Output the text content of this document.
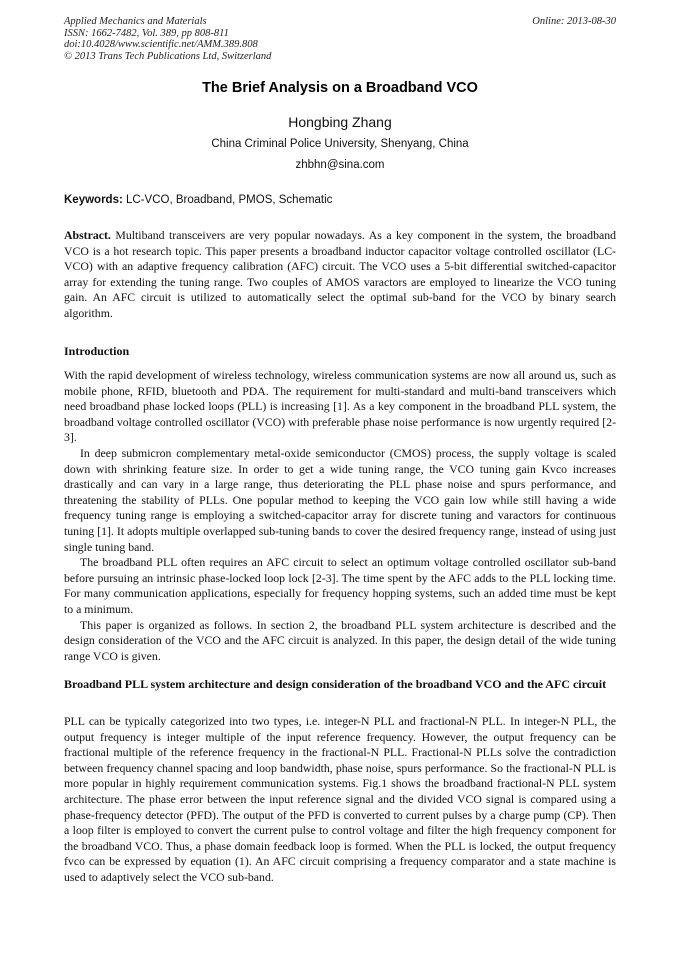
Applied Mechanics and Materials
ISSN: 1662-7482, Vol. 389, pp 808-811
doi:10.4028/www.scientific.net/AMM.389.808
© 2013 Trans Tech Publications Ltd, Switzerland
Online: 2013-08-30
The Brief Analysis on a Broadband VCO
Hongbing Zhang
China Criminal Police University, Shenyang, China
zhbhn@sina.com
Keywords: LC-VCO, Broadband, PMOS, Schematic

Abstract. Multiband transceivers are very popular nowadays. As a key component in the system, the broadband VCO is a hot research topic. This paper presents a broadband inductor capacitor voltage controlled oscillator (LC-VCO) with an adaptive frequency calibration (AFC) circuit. The VCO uses a 5-bit differential switched-capacitor array for extending the tuning range. Two couples of AMOS varactors are employed to linearize the VCO tuning gain. An AFC circuit is utilized to automatically select the optimal sub-band for the VCO by binary search algorithm.

Introduction

With the rapid development of wireless technology, wireless communication systems are now all around us, such as mobile phone, RFID, bluetooth and PDA. The requirement for multi-standard and multi-band transceivers which need broadband phase locked loops (PLL) is increasing [1]. As a key component in the broadband PLL system, the broadband voltage controlled oscillator (VCO) with preferable phase noise performance is now urgently required [2-3].

In deep submicron complementary metal-oxide semiconductor (CMOS) process, the supply voltage is scaled down with shrinking feature size. In order to get a wide tuning range, the VCO tuning gain Kvco increases drastically and can vary in a large range, thus deteriorating the PLL phase noise and spurs performance, and threatening the stability of PLLs. One popular method to keeping the VCO gain low while still having a wide frequency tuning range is employing a switched-capacitor array for discrete tuning and varactors for continuous tuning [1]. It adopts multiple overlapped sub-tuning bands to cover the desired frequency range, instead of using just single tuning band.

The broadband PLL often requires an AFC circuit to select an optimum voltage controlled oscillator sub-band before pursuing an intrinsic phase-locked loop lock [2-3]. The time spent by the AFC adds to the PLL locking time. For many communication applications, especially for frequency hopping systems, such an added time must be kept to a minimum.

This paper is organized as follows. In section 2, the broadband PLL system architecture is described and the design consideration of the VCO and the AFC circuit is analyzed. In this paper, the design detail of the wide tuning range VCO is given.

Broadband PLL system architecture and design consideration of the broadband VCO and the AFC circuit

PLL can be typically categorized into two types, i.e. integer-N PLL and fractional-N PLL. In integer-N PLL, the output frequency is integer multiple of the input reference frequency. However, the output frequency can be fractional multiple of the reference frequency in the fractional-N PLL. Fractional-N PLLs solve the contradiction between frequency channel spacing and loop bandwidth, phase noise, spurs performance. So the fractional-N PLL is more popular in highly requirement communication systems. Fig.1 shows the broadband fractional-N PLL system architecture. The phase error between the input reference signal and the divided VCO signal is compared using a phase-frequency detector (PFD). The output of the PFD is converted to current pulses by a charge pump (CP). Then a loop filter is employed to convert the current pulse to control voltage and filter the high frequency component for the broadband VCO. Thus, a phase domain feedback loop is formed. When the PLL is locked, the output frequency fvco can be expressed by equation (1). An AFC circuit comprising a frequency comparator and a state machine is used to adaptively select the VCO sub-band.
